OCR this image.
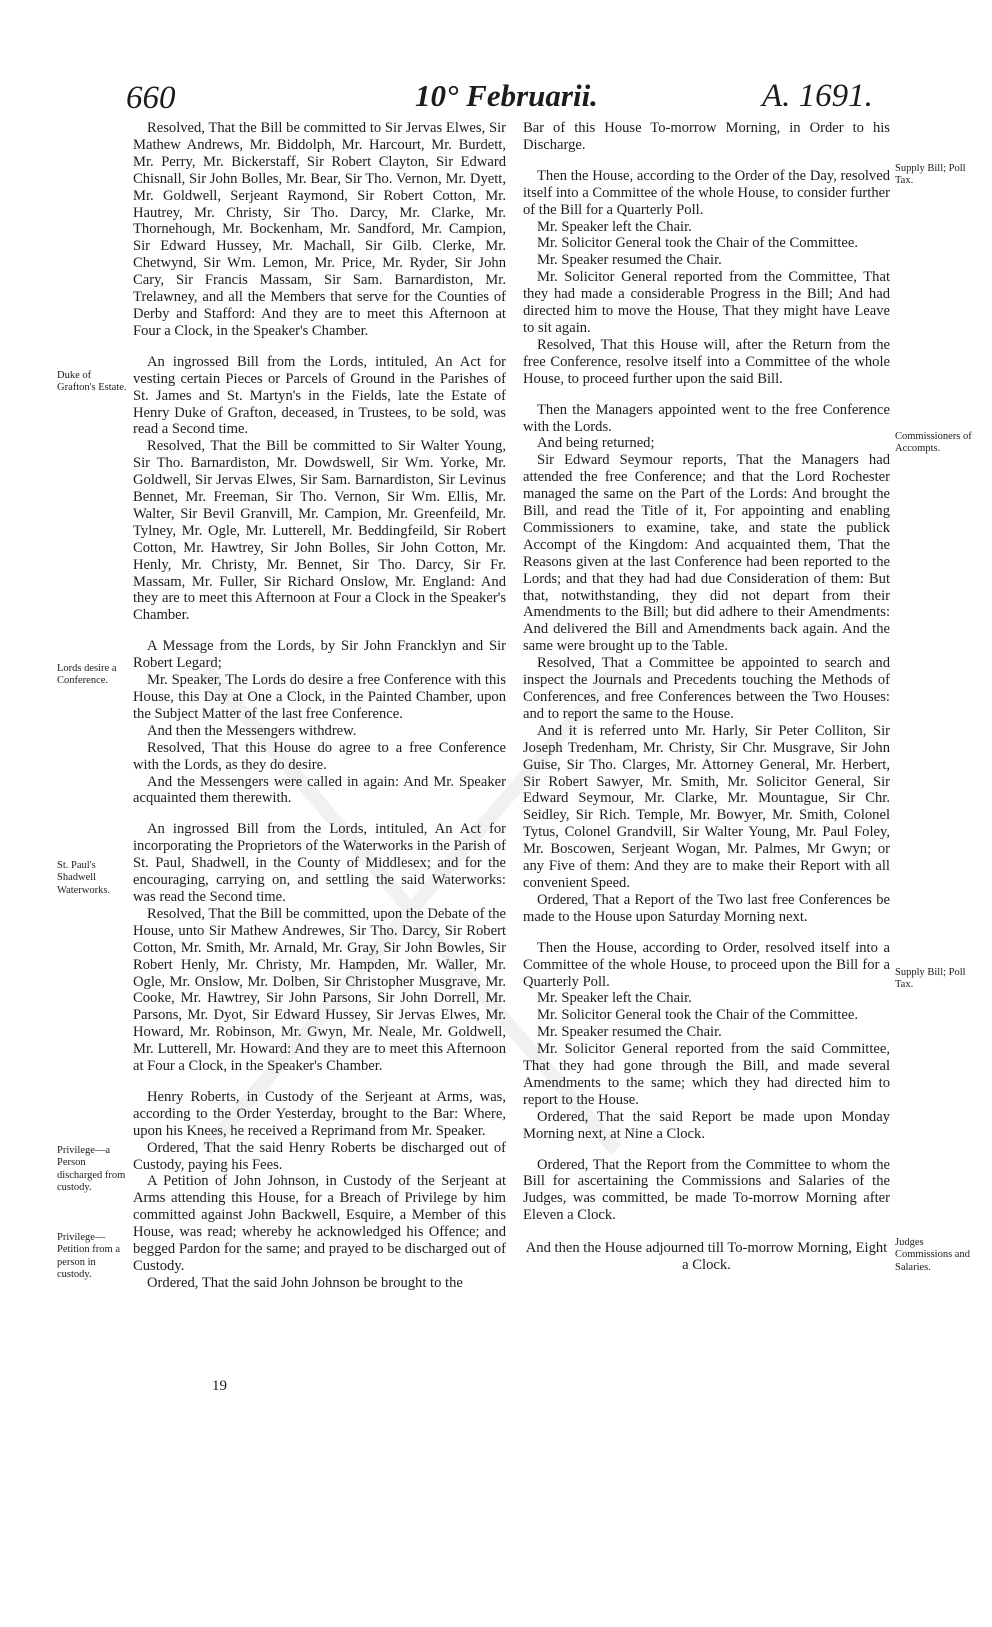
660	10° Februarii.	A. 1691.
Duke of Grafton's Estate.
Lords desire a Conference.
St. Paul's Shadwell Waterworks.
Privilege—a Person discharged from custody.
Privilege—Petition from a person in custody.
Supply Bill; Poll Tax.
Commissioners of Accompts.
Supply Bill; Poll Tax.
Judges Commissions and Salaries.

Resolved, That the Bill be committed to Sir Jervas Elwes, Sir Mathew Andrews, Mr. Biddolph, Mr. Harcourt, Mr. Burdett, Mr. Perry, Mr. Bickerstaff, Sir Robert Clayton, Sir Edward Chisnall, Sir John Bolles, Mr. Bear, Sir Tho. Vernon, Mr. Dyett, Mr. Goldwell, Serjeant Raymond, Sir Robert Cotton, Mr. Hautrey, Mr. Christy, Sir Tho. Darcy, Mr. Clarke, Mr. Thornehough, Mr. Bockenham, Mr. Sandford, Mr. Campion, Sir Edward Hussey, Mr. Machall, Sir Gilb. Clerke, Mr. Chetwynd, Sir Wm. Lemon, Mr. Price, Mr. Ryder, Sir John Cary, Sir Francis Massam, Sir Sam. Barnardiston, Mr. Trelawney, and all the Members that serve for the Counties of Derby and Stafford: And they are to meet this Afternoon at Four a Clock, in the Speaker's Chamber.

An ingrossed Bill from the Lords, intituled, An Act for vesting certain Pieces or Parcels of Ground in the Parishes of St. James and St. Martyn's in the Fields, late the Estate of Henry Duke of Grafton, deceased, in Trustees, to be sold, was read a Second time.

Resolved, That the Bill be committed to Sir Walter Young, Sir Tho. Barnardiston, Mr. Dowdswell, Sir Wm. Yorke, Mr. Goldwell, Sir Jervas Elwes, Sir Sam. Barnardiston, Sir Levinus Bennet, Mr. Freeman, Sir Tho. Vernon, Sir Wm. Ellis, Mr. Walter, Sir Bevil Granvill, Mr. Campion, Mr. Greenfeild, Mr. Tylney, Mr. Ogle, Mr. Lutterell, Mr. Beddingfeild, Sir Robert Cotton, Mr. Hawtrey, Sir John Bolles, Sir John Cotton, Mr. Henly, Mr. Christy, Mr. Bennet, Sir Tho. Darcy, Sir Fr. Massam, Mr. Fuller, Sir Richard Onslow, Mr. England: And they are to meet this Afternoon at Four a Clock in the Speaker's Chamber.

A Message from the Lords, by Sir John Francklyn and Sir Robert Legard;

Mr. Speaker, The Lords do desire a free Conference with this House, this Day at One a Clock, in the Painted Chamber, upon the Subject Matter of the last free Conference.

And then the Messengers withdrew.

Resolved, That this House do agree to a free Conference with the Lords, as they do desire.

And the Messengers were called in again: And Mr. Speaker acquainted them therewith.

An ingrossed Bill from the Lords, intituled, An Act for incorporating the Proprietors of the Waterworks in the Parish of St. Paul, Shadwell, in the County of Middlesex; and for the encouraging, carrying on, and settling the said Waterworks: was read the Second time.

Resolved, That the Bill be committed, upon the Debate of the House, unto Sir Mathew Andrewes, Sir Tho. Darcy, Sir Robert Cotton, Mr. Smith, Mr. Arnald, Mr. Gray, Sir John Bowles, Sir Robert Henly, Mr. Christy, Mr. Hampden, Mr. Waller, Mr. Ogle, Mr. Onslow, Mr. Dolben, Sir Christopher Musgrave, Mr. Cooke, Mr. Hawtrey, Sir John Parsons, Sir John Dorrell, Mr. Parsons, Mr. Dyot, Sir Edward Hussey, Sir Jervas Elwes, Mr. Howard, Mr. Robinson, Mr. Gwyn, Mr. Neale, Mr. Goldwell, Mr. Lutterell, Mr. Howard: And they are to meet this Afternoon at Four a Clock, in the Speaker's Chamber.

Henry Roberts, in Custody of the Serjeant at Arms, was, according to the Order Yesterday, brought to the Bar: Where, upon his Knees, he received a Reprimand from Mr. Speaker.

Ordered, That the said Henry Roberts be discharged out of Custody, paying his Fees.

A Petition of John Johnson, in Custody of the Serjeant at Arms attending this House, for a Breach of Privilege by him committed against John Backwell, Esquire, a Member of this House, was read; whereby he acknowledged his Offence; and begged Pardon for the same; and prayed to be discharged out of Custody.

Ordered, That the said John Johnson be brought to the

19

Bar of this House To-morrow Morning, in Order to his Discharge.

Then the House, according to the Order of the Day, resolved itself into a Committee of the whole House, to consider further of the Bill for a Quarterly Poll.

Mr. Speaker left the Chair.

Mr. Solicitor General took the Chair of the Committee.

Mr. Speaker resumed the Chair.

Mr. Solicitor General reported from the Committee, That they had made a considerable Progress in the Bill; And had directed him to move the House, That they might have Leave to sit again.

Resolved, That this House will, after the Return from the free Conference, resolve itself into a Committee of the whole House, to proceed further upon the said Bill.

Then the Managers appointed went to the free Conference with the Lords.

And being returned;

Sir Edward Seymour reports, That the Managers had attended the free Conference; and that the Lord Rochester managed the same on the Part of the Lords: And brought the Bill, and read the Title of it, For appointing and enabling Commissioners to examine, take, and state the publick Accompt of the Kingdom: And acquainted them, That the Reasons given at the last Conference had been reported to the Lords; and that they had had due Consideration of them: But that, notwithstanding, they did not depart from their Amendments to the Bill; but did adhere to their Amendments: And delivered the Bill and Amendments back again. And the same were brought up to the Table.

Resolved, That a Committee be appointed to search and inspect the Journals and Precedents touching the Methods of Conferences, and free Conferences between the Two Houses: and to report the same to the House.

And it is referred unto Mr. Harly, Sir Peter Colliton, Sir Joseph Tredenham, Mr. Christy, Sir Chr. Musgrave, Sir John Guise, Sir Tho. Clarges, Mr. Attorney General, Mr. Herbert, Sir Robert Sawyer, Mr. Smith, Mr. Solicitor General, Sir Edward Seymour, Mr. Clarke, Mr. Mountague, Sir Chr. Seidley, Sir Rich. Temple, Mr. Bowyer, Mr. Smith, Colonel Tytus, Colonel Grandvill, Sir Walter Young, Mr. Paul Foley, Mr. Boscowen, Serjeant Wogan, Mr. Palmes, Mr Gwyn; or any Five of them: And they are to make their Report with all convenient Speed.

Ordered, That a Report of the Two last free Conferences be made to the House upon Saturday Morning next.

Then the House, according to Order, resolved itself into a Committee of the whole House, to proceed upon the Bill for a Quarterly Poll.

Mr. Speaker left the Chair.

Mr. Solicitor General took the Chair of the Committee.

Mr. Speaker resumed the Chair.

Mr. Solicitor General reported from the said Committee, That they had gone through the Bill, and made several Amendments to the same; which they had directed him to report to the House.

Ordered, That the said Report be made upon Monday Morning next, at Nine a Clock.

Ordered, That the Report from the Committee to whom the Bill for ascertaining the Commissions and Salaries of the Judges, was committed, be made To-morrow Morning after Eleven a Clock.

And then the House adjourned till To-morrow Morning, Eight a Clock.
